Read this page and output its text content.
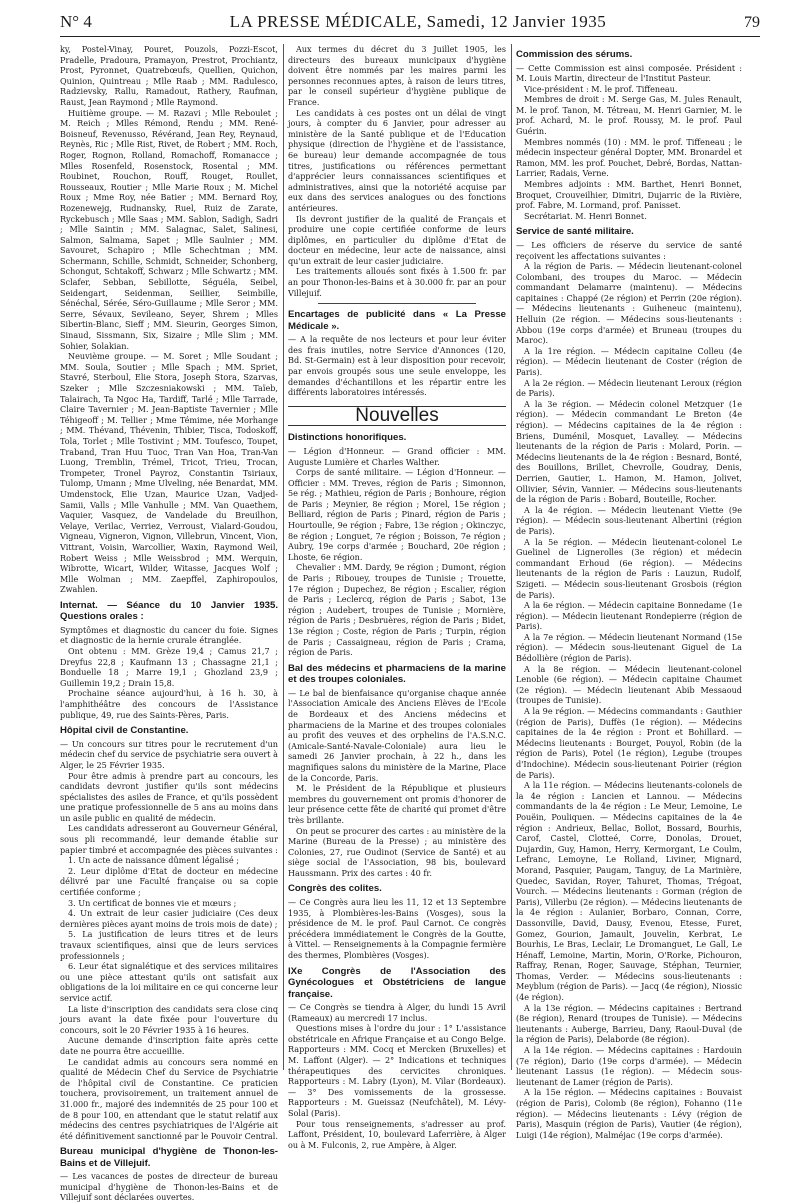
N° 4	LA PRESSE MÉDICALE, Samedi, 12 Janvier 1935	79

ky, Postel-Vinay, Pouret, Pouzols, Pozzi-Escot, Pradelle, Pradoura, Pramayon, Prestrot, Prochiantz, Prost, Pyronnet, Quatrebœufs, Quellien, Quichon, Quinion, Quintreau ; Mlle Raab ; MM. Radulesco, Radzievsky, Rallu, Ramadout, Rathery, Raufman, Raust, Jean Raymond ; Mlle Raymond.

Huitième groupe. — M. Razavi ; Mlle Reboulet ; M. Reich ; Mlles Rémond, Rendu ; MM. René-Boisneuf, Revenusso, Révérand, Jean Rey, Reynaud, Reynès, Ric ; Mlle Rist, Rivet, de Robert ; MM. Roch, Roger, Rognon, Rolland, Romachoff, Romanacce ; Mlles Rosenfeld, Rosenstock, Rosental ; MM. Roubinet, Rouchon, Rouff, Rouget, Roullet, Rousseaux, Routier ; Mlle Marie Roux ; M. Michel Roux ; Mme Roy, née Batier ; MM. Bernard Roy, Rozenewejg, Rudnansky, Ruel, Ruiz de Zarate, Ryckebusch ; Mlle Saas ; MM. Sablon, Sadigh, Sadri ; Mlle Saintin ; MM. Salagnac, Salet, Salinesi, Salmon, Salmama, Sapet ; Mlle Saulnier ; MM. Savouret, Schapiro ; Mlle Schechtman ; MM. Schermann, Schille, Schmidt, Schneider, Schonberg, Schongut, Schtakoff, Schwarz ; Mlle Schwartz ; MM. Sclafer, Sebban, Sebillotte, Séguéla, Seibel, Seidengart, Seidenman, Seillier, Seimbille, Sénéchal, Sérée, Séro-Guillaume ; Mlle Seror ; MM. Serre, Sévaux, Sevileano, Seyer, Shrem ; Mlles Sibertin-Blanc, Sieff ; MM. Sieurin, Georges Simon, Sinaud, Sissmann, Six, Sizaire ; Mlle Slim ; MM. Sohier, Solakian.

Neuvième groupe. — M. Soret ; Mlle Soudant ; MM. Soula, Soutier ; Mlle Spach ; MM. Spriet, Stavré, Sterboul, Elie Stora, Joseph Stora, Szarvas, Szeker ; Mlle Szczesniakowski ; MM. Taïeb, Talairach, Ta Ngoc Ha, Tardiff, Tarlé ; Mlle Tarrade, Claire Tavernier ; M. Jean-Baptiste Tavernier ; Mlle Téhigeoff ; M. Tellier ; Mme Témime, née Morhange ; MM. Thévand, Thévenin, Thibier, Tisca, Todoskoff, Tola, Torlet ; Mlle Tostivint ; MM. Toufesco, Toupet, Traband, Tran Huu Tuoc, Tran Van Hoa, Tran-Van Luong, Tremblin, Trémel, Tricot, Trieu, Trocan, Trompeter, Tronel Payroz, Constantin Tsiriaux, Tulomp, Umann ; Mme Ulveling, née Benardat, MM. Umdenstock, Elie Uzan, Maurice Uzan, Vadjed-Samii, Valls ; Mlle Vanhulle ; MM. Van Quaethem, Vaquier, Vasquez, de Vandelade du Breuilhon, Velaye, Verilac, Verriez, Verroust, Vialard-Goudou, Vigneau, Vigneron, Vignon, Villebrun, Vincent, Vion, Vittrant, Voisin, Warcollier, Waxin, Raymond Weil, Robert Weiss ; Mlle Weissbrod ; MM. Werquin, Wibrotte, Wicart, Wilder, Witasse, Jacques Wolf ; Mlle Wolman ; MM. Zaepffel, Zaphiropoulos, Zwahlen.

Internat. — Séance du 10 Janvier 1935. Questions orales :

Symptômes et diagnostic du cancer du foie. Signes et diagnostic de la hernie crurale étranglée.

Ont obtenu : MM. Grèze 19,4 ; Camus 21,7 ; Dreyfus 22,8 ; Kaufmann 13 ; Chassagne 21,1 ; Bonduelle 18 ; Marre 19,1 ; Ghozland 23,9 ; Guillemin 19,2 ; Drain 15,8.

Prochaine séance aujourd'hui, à 16 h. 30, à l'amphithéâtre des concours de l'Assistance publique, 49, rue des Saints-Pères, Paris.

Hôpital civil de Constantine.

— Un concours sur titres pour le recrutement d'un médecin chef du service de psychiatrie sera ouvert à Alger, le 25 Février 1935.

Pour être admis à prendre part au concours, les candidats devront justifier qu'ils sont médecins spécialistes des asiles de France, et qu'ils possèdent une pratique professionnelle de 5 ans au moins dans un asile public en qualité de médecin.

Les candidats adresseront au Gouverneur Général, sous pli recommandé, leur demande établie sur papier timbré et accompagnée des pièces suivantes :

1. Un acte de naissance dûment légalisé ;

2. Leur diplôme d'Etat de docteur en médecine délivré par une Faculté française ou sa copie certifiée conforme ;

3. Un certificat de bonnes vie et mœurs ;

4. Un extrait de leur casier judiciaire (Ces deux dernières pièces ayant moins de trois mois de date) ;

5. La justification de leurs titres et de leurs travaux scientifiques, ainsi que de leurs services professionnels ;

6. Leur état signalétique et des services militaires ou une pièce attestant qu'ils ont satisfait aux obligations de la loi militaire en ce qui concerne leur service actif.

La liste d'inscription des candidats sera close cinq jours avant la date fixée pour l'ouverture du concours, soit le 20 Février 1935 à 16 heures.

Aucune demande d'inscription faite après cette date ne pourra être accueillie.

Le candidat admis au concours sera nommé en qualité de Médecin Chef du Service de Psychiatrie de l'hôpital civil de Constantine. Ce praticien touchera, provisoirement, un traitement annuel de 31.000 fr., majoré des indemnités de 25 pour 100 et de 8 pour 100, en attendant que le statut relatif aux médecins des centres psychiatriques de l'Algérie ait été définitivement sanctionné par le Pouvoir Central.

Bureau municipal d'hygiène de Thonon-les-Bains et de Villejuif.

— Les vacances de postes de directeur de bureau municipal d'hygiène de Thonon-les-Bains et de Villejuif sont déclarées ouvertes.

Aux termes du décret du 3 Juillet 1905, les directeurs des bureaux municipaux d'hygiène doivent être nommés par les maires parmi les personnes reconnues aptes, à raison de leurs titres, par le conseil supérieur d'hygiène publique de France.

Les candidats à ces postes ont un délai de vingt jours, à compter du 6 Janvier, pour adresser au ministère de la Santé publique et de l'Education physique (direction de l'hygiène et de l'assistance, 6e bureau) leur demande accompagnée de tous titres, justifications ou références permettant d'apprécier leurs connaissances scientifiques et administratives, ainsi que la notoriété acquise par eux dans des services analogues ou des fonctions antérieures.

Ils devront justifier de la qualité de Français et produire une copie certifiée conforme de leurs diplômes, en particulier du diplôme d'Etat de docteur en médecine, leur acte de naissance, ainsi qu'un extrait de leur casier judiciaire.

Les traitements alloués sont fixés à 1.500 fr. par an pour Thonon-les-Bains et à 30.000 fr. par an pour Villejuif.

Encartages de publicité dans « La Presse Médicale ».

— A la requête de nos lecteurs et pour leur éviter des frais inutiles, notre Service d'Annonces (120, Bd. St-Germain) est à leur disposition pour recevoir, par envois groupés sous une seule enveloppe, les demandes d'échantillons et les répartir entre les différents laboratoires intéressés.

Nouvelles
Distinctions honorifiques.

— Légion d'Honneur. — Grand officier : MM. Auguste Lumière et Charles Walther.

Corps de santé militaire. — Légion d'Honneur. — Officier : MM. Treves, région de Paris ; Simonnon, 5e rég. ; Mathieu, région de Paris ; Bonhoure, région de Paris ; Meynier, 8e région ; Morel, 15e région ; Belliard, région de Paris ; Pinard, région de Paris ; Hourtoulle, 9e région ; Fabre, 13e région ; Okinczyc, 8e région ; Longuet, 7e région ; Boisson, 7e région ; Aubry, 19e corps d'armée ; Bouchard, 20e région ; Lhoste, 6e région.

Chevalier : MM. Dardy, 9e région ; Dumont, région de Paris ; Ribouey, troupes de Tunisie ; Trouette, 17e région ; Dupechez, 8e région ; Escalier, région de Paris ; Leclercq, région de Paris ; Sabot, 13e région ; Audebert, troupes de Tunisie ; Mornière, région de Paris ; Desbruères, région de Paris ; Bidet, 13e région ; Coste, région de Paris ; Turpin, région de Paris ; Cassaigneau, région de Paris ; Crama, région de Paris.

Bal des médecins et pharmaciens de la marine et des troupes coloniales.

— Le bal de bienfaisance qu'organise chaque année l'Association Amicale des Anciens Elèves de l'Ecole de Bordeaux et des Anciens médecins et pharmaciens de la Marine et des troupes coloniales au profit des veuves et des orphelins de l'A.S.N.C. (Amicale-Santé-Navale-Coloniale) aura lieu le samedi 26 Janvier prochain, à 22 h., dans les magnifiques salons du ministère de la Marine, Place de la Concorde, Paris.

M. le Président de la République et plusieurs membres du gouvernement ont promis d'honorer de leur présence cette fête de charité qui promet d'être très brillante.

On peut se procurer des cartes : au ministère de la Marine (Bureau de la Presse) ; au ministère des Colonies, 27, rue Oudinot (Service de Santé) et au siège social de l'Association, 98 bis, boulevard Haussmann. Prix des cartes : 40 fr.

Congrès des colites.

— Ce Congrès aura lieu les 11, 12 et 13 Septembre 1935, à Plombières-les-Bains (Vosges), sous la présidence de M. le prof. Paul Carnot. Ce congrès précédera immédiatement le Congrès de la Goutte, à Vittel. — Renseignements à la Compagnie fermière des thermes, Plombières (Vosges).

IXe Congrès de l'Association des Gynécologues et Obstétriciens de langue française.

— Ce Congrès se tiendra à Alger, du lundi 15 Avril (Rameaux) au mercredi 17 inclus.

Questions mises à l'ordre du jour : 1° L'assistance obstétricale en Afrique Française et au Congo Belge. Rapporteurs : MM. Cocq et Mercken (Bruxelles) et M. Laffont (Alger). — 2° Indications et techniques thérapeutiques des cervicites chroniques. Rapporteurs : M. Labry (Lyon), M. Vilar (Bordeaux). — 3° Des vomissements de la grossesse. Rapporteurs : M. Gueissaz (Neufchâtel), M. Lévy-Solal (Paris).

Pour tous renseignements, s'adresser au prof. Laffont, Président, 10, boulevard Laferrière, à Alger ou à M. Fulconis, 2, rue Ampère, à Alger.

Commission des sérums.

— Cette Commission est ainsi composée. Président : M. Louis Martin, directeur de l'Institut Pasteur.

Vice-président : M. le prof. Tiffeneau.

Membres de droit : M. Serge Gas, M. Jules Renault, M. le prof. Tanon, M. Tétreau, M. Henri Garnier, M. le prof. Achard, M. le prof. Roussy, M. le prof. Paul Guérin.

Membres nommés (10) : MM. le prof. Tiffeneau ; le médecin inspecteur général Dopter, MM. Bronardel et Ramon, MM. les prof. Pouchet, Debré, Bordas, Nattan-Larrier, Radais, Verne.

Membres adjoints : MM. Barthet, Henri Bonnet, Broquet, Crouveilhier, Dimitri, Dujarric de la Rivière, prof. Fabre, M. Lormand, prof. Panisset.

Secrétariat. M. Henri Bonnet.

Service de santé militaire.

— Les officiers de réserve du service de santé reçoivent les affectations suivantes :

A la région de Paris. — Médecin lieutenant-colonel Colombani, des troupes du Maroc. — Médecin commandant Delamarre (maintenu). — Médecins capitaines : Chappé (2e région) et Perrin (20e région). — Médecins lieutenants : Guiheneuc (maintenu), Helluin (2e région. — Médecins sous-lieutenants : Abbou (19e corps d'armée) et Bruneau (troupes du Maroc).

A la 1re région. — Médecin capitaine Colleu (4e région). — Médecin lieutenant de Coster (région de Paris).

A la 2e région. — Médecin lieutenant Leroux (région de Paris).

A la 3e région. — Médecin colonel Metzquer (1e région). — Médecin commandant Le Breton (4e région). — Médecins capitaines de la 4e région : Briens, Duménil, Mosquet, Lavalley. — Médecins lieutenants de la région de Paris : Molard, Porin. — Médecins lieutenants de la 4e région : Besnard, Bonté, des Bouillons, Brillet, Chevrolle, Goudray, Denis, Derrien, Gautier, L. Hamon, M. Hamon, Jolivet, Ollivier, Sévin, Vannier. — Médecins sous-lieutenants de la région de Paris : Bobard, Bouteille, Rocher.

A la 4e région. — Médecin lieutenant Viette (9e région). — Médecin sous-lieutenant Albertini (région de Paris).

A la 5e région. — Médecin lieutenant-colonel Le Guelinel de Lignerolles (3e région) et médecin commandant Erhoud (6e région). — Médecins lieutenants de la région de Paris : Lauzun, Rudolf, Szigeti. — Médecin sous-lieutenant Grosbois (région de Paris).

A la 6e région. — Médecin capitaine Bonnedame (1e région). — Médecin lieutenant Rondepierre (région de Paris).

A la 7e région. — Médecin lieutenant Normand (15e région). — Médecin sous-lieutenant Giguel de La Bédollière (région de Paris).

A la 8e région. — Médecin lieutenant-colonel Lenoble (6e région). — Médecin capitaine Chaumet (2e région). — Médecin lieutenant Abib Messaoud (troupes de Tunisie).

A la 9e région. — Médecins commandants : Gauthier (région de Paris), Duffès (1e région). — Médecins capitaines de la 4e région : Pront et Bohillard. — Médecins lieutenants : Bourget, Pouyol, Robin (de la région de Paris), Potel (1e région), Legube (troupes d'Indochine). Médecin sous-lieutenant Poirier (région de Paris).

A la 11e région. — Médecins lieutenants-colonels de la 4e région : Lancien et Lannou. — Médecins commandants de la 4e région : Le Meur, Lemoine, Le Pouëin, Pouliquen. — Médecins capitaines de la 4e région : Andrieux, Bellac, Bollot, Bossard, Bourhis, Carof, Castel, Clotteé, Corre, Donolas, Drouet, Dujardin, Guy, Hamon, Herry, Kermorgant, Le Coulm, Lefranc, Lemoyne, Le Rolland, Liviner, Mignard, Morand, Pasquier, Paugam, Tanguy, de La Marinière, Quedec, Savidan, Royer, Tahuret, Thomas, Trégoat, Vourch. — Médecins lieutenants : Gorman (région de Paris), Villerbu (2e région). — Médecins lieutenants de la 4e région : Aulanier, Borbaro, Connan, Corre, Dassonville, David, Dausy, Evenou, Etesse, Furet, Gomez, Gourion, Jamault, Jouvelin, Kerbrat, Le Bourhis, Le Bras, Leclair, Le Dromanguet, Le Gall, Le Hénaff, Lemoine, Martin, Morin, O'Rorke, Pichouron, Raffray, Renan, Roger, Sauvage, Stéphan, Teurnier, Thomas, Verder. — Médecins sous-lieutenants : Meyblum (région de Paris). — Jacq (4e région), Niossic (4e région).

A la 13e région. — Médecins capitaines : Bertrand (8e région), Renard (troupes de Tunisie). — Médecins lieutenants : Auberge, Barrieu, Dany, Raoul-Duval (de la région de Paris), Delaborde (8e région).

A la 14e région. — Médecins capitaines : Hardouin (7e région), Dario (19e corps d'armée). — Médecin lieutenant Lassus (1e région). — Médecin sous-lieutenant de Lamer (région de Paris).

A la 15e région. — Médecins capitaines : Bouvaist (région de Paris), Colomb (8e région), Fohanno (11e région). — Médecins lieutenants : Lévy (région de Paris), Masquin (région de Paris), Vautier (4e région), Luigi (14e région), Malméjac (19e corps d'armée).
